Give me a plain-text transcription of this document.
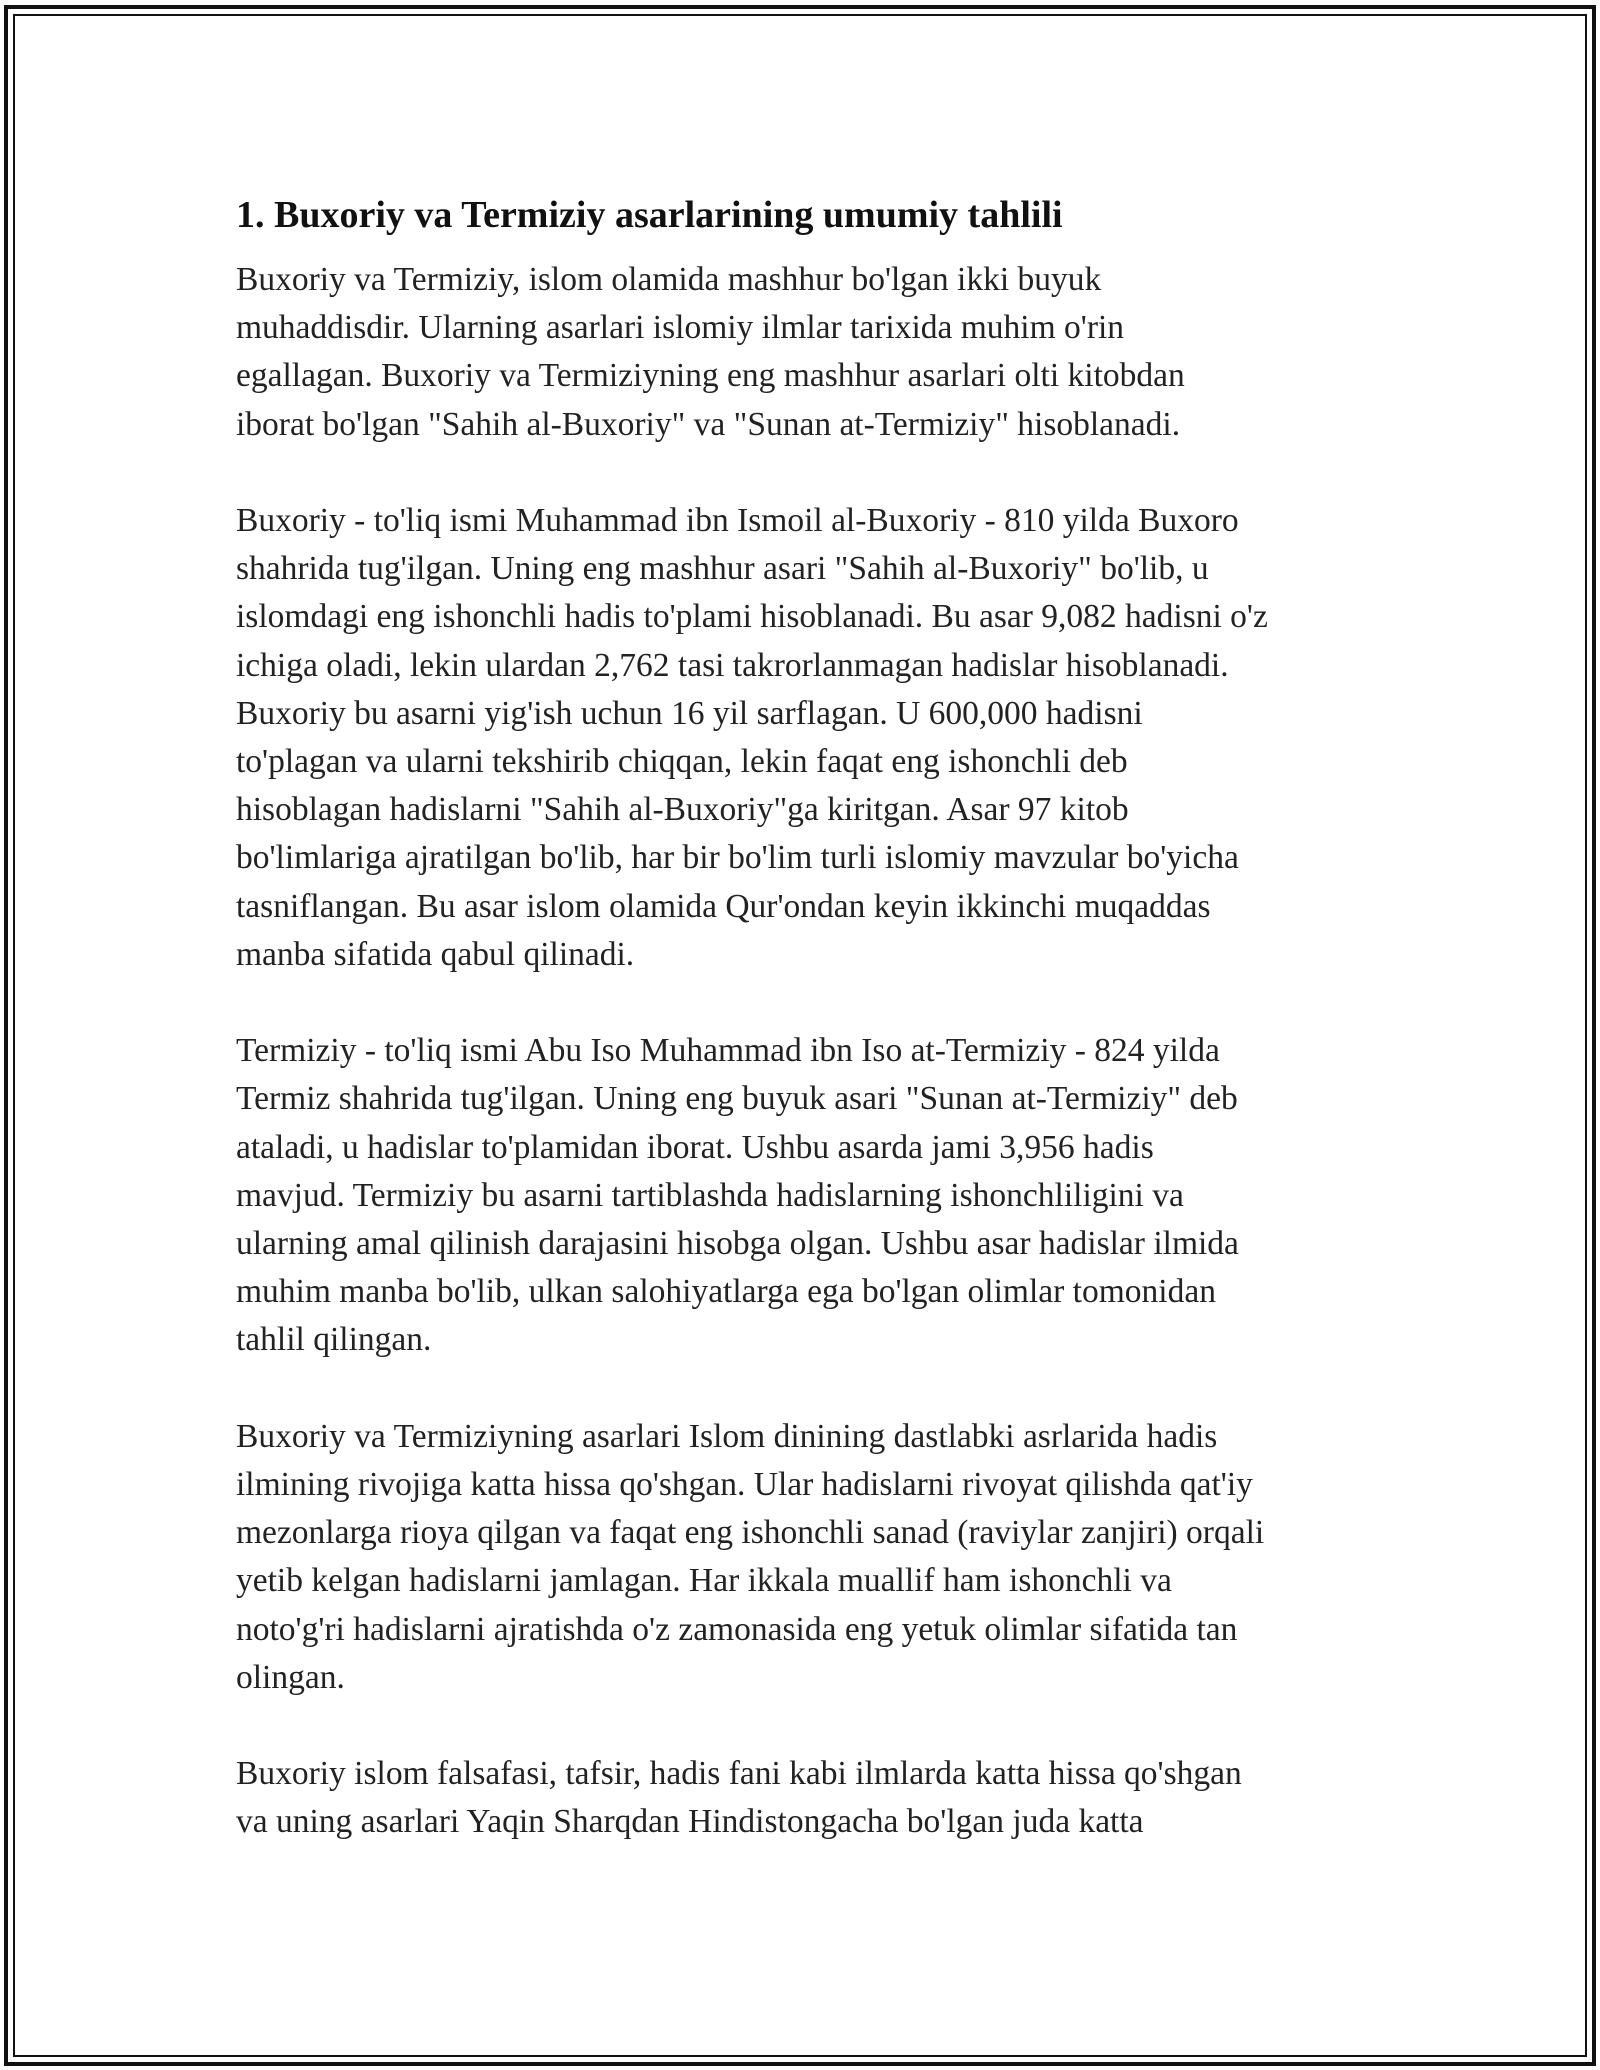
1. Buxoriy va Termiziy asarlarining umumiy tahlili

Buxoriy va Termiziy, islom olamida mashhur bo'lgan ikki buyuk
muhaddisdir. Ularning asarlari islomiy ilmlar tarixida muhim o'rin
egallagan. Buxoriy va Termiziyning eng mashhur asarlari olti kitobdan
iborat bo'lgan "Sahih al-Buxoriy" va "Sunan at-Termiziy" hisoblanadi.

Buxoriy - to'liq ismi Muhammad ibn Ismoil al-Buxoriy - 810 yilda Buxoro
shahrida tug'ilgan. Uning eng mashhur asari "Sahih al-Buxoriy" bo'lib, u
islomdagi eng ishonchli hadis to'plami hisoblanadi. Bu asar 9,082 hadisni o'z
ichiga oladi, lekin ulardan 2,762 tasi takrorlanmagan hadislar hisoblanadi.
Buxoriy bu asarni yig'ish uchun 16 yil sarflagan. U 600,000 hadisni
to'plagan va ularni tekshirib chiqqan, lekin faqat eng ishonchli deb
hisoblagan hadislarni "Sahih al-Buxoriy"ga kiritgan. Asar 97 kitob
bo'limlariga ajratilgan bo'lib, har bir bo'lim turli islomiy mavzular bo'yicha
tasniflangan. Bu asar islom olamida Qur'ondan keyin ikkinchi muqaddas
manba sifatida qabul qilinadi.

Termiziy - to'liq ismi Abu Iso Muhammad ibn Iso at-Termiziy - 824 yilda
Termiz shahrida tug'ilgan. Uning eng buyuk asari "Sunan at-Termiziy" deb
ataladi, u hadislar to'plamidan iborat. Ushbu asarda jami 3,956 hadis
mavjud. Termiziy bu asarni tartiblashda hadislarning ishonchliligini va
ularning amal qilinish darajasini hisobga olgan. Ushbu asar hadislar ilmida
muhim manba bo'lib, ulkan salohiyatlarga ega bo'lgan olimlar tomonidan
tahlil qilingan.

Buxoriy va Termiziyning asarlari Islom dinining dastlabki asrlarida hadis
ilmining rivojiga katta hissa qo'shgan. Ular hadislarni rivoyat qilishda qat'iy
mezonlarga rioya qilgan va faqat eng ishonchli sanad (raviylar zanjiri) orqali
yetib kelgan hadislarni jamlagan. Har ikkala muallif ham ishonchli va
noto'g'ri hadislarni ajratishda o'z zamonasida eng yetuk olimlar sifatida tan
olingan.

Buxoriy islom falsafasi, tafsir, hadis fani kabi ilmlarda katta hissa qo'shgan
va uning asarlari Yaqin Sharqdan Hindistongacha bo'lgan juda katta
